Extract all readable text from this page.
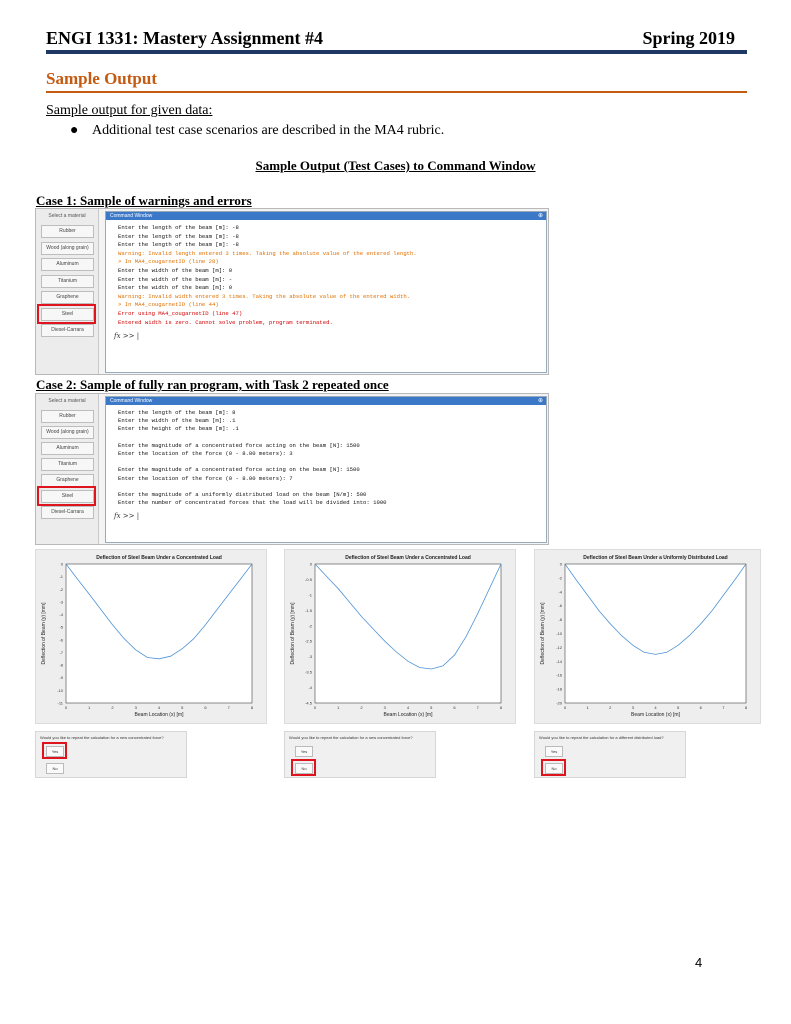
ENGI 1331: Mastery Assignment #4	Spring 2019
Sample Output
Sample output for given data:
● Additional test case scenarios are described in the MA4 rubric.
Sample Output (Test Cases) to Command Window
Case 1: Sample of warnings and errors
Select a material
Rubber
Wood (along grain)
Aluminum
Titanium
Graphene
Steel
Diesel-Carrara
Command Window	⊕
Enter the length of the beam [m]: -8
Enter the length of the beam [m]: -8
Enter the length of the beam [m]: -8
Warning: Invalid length entered 3 times. Taking the absolute value of the entered length.
> In MA4_cougarnetID (line 28)
Enter the width of the beam [m]: 0
Enter the width of the beam [m]: -
Enter the width of the beam [m]: 0
Warning: Invalid width entered 3 times. Taking the absolute value of the entered width.
> In MA4_cougarnetID (line 44)
Error using MA4_cougarnetID (line 47)
Entered width is zero. Cannot solve problem, program terminated.
fx >> |
Case 2: Sample of fully ran program, with Task 2 repeated once
Select a material
Rubber
Wood (along grain)
Aluminum
Titanium
Graphene
Steel
Diesel-Carrara
Command Window	⊕
Enter the length of the beam [m]: 8
Enter the width of the beam [m]: .1
Enter the height of the beam [m]: .1
Enter the magnitude of a concentrated force acting on the beam [N]: 1500
Enter the location of the force (0 - 8.00 meters): 3
Enter the magnitude of a concentrated force acting on the beam [N]: 1500
Enter the location of the force (0 - 8.00 meters): 7
Enter the magnitude of a uniformly distributed load on the beam [N/m]: 500
Enter the number of concentrated forces that the load will be divided into: 1000
fx >> |
Deflection of Steel Beam Under a Concentrated Load
0	1	2	3	4	5	6	7	8
0
-1
-2
-3
-4
-5
-6
-7
-8
-9
-10
-11
Beam Location (x) [m]
Deflection of Beam (y) [mm]
Deflection of Steel Beam Under a Concentrated Load
0	1	2	3	4	5	6	7	8
0
-0.5
-1
-1.5
-2
-2.5
-3
-3.5
-4
-4.5
Beam Location (x) [m]
Deflection of Beam (y) [mm]
Deflection of Steel Beam Under a Uniformly Distributed Load
0	1	2	3	4	5	6	7	8
0
-2
-4
-6
-8
-10
-12
-14
-16
-18
-20
Beam Location (x) [m]
Deflection of Beam (y) [mm]
Would you like to repeat the calculation for a new concentrated force?
Yes
No
Would you like to repeat the calculation for a new concentrated force?
Yes
No
Would you like to repeat the calculation for a different distributed load?
Yes
No
4
